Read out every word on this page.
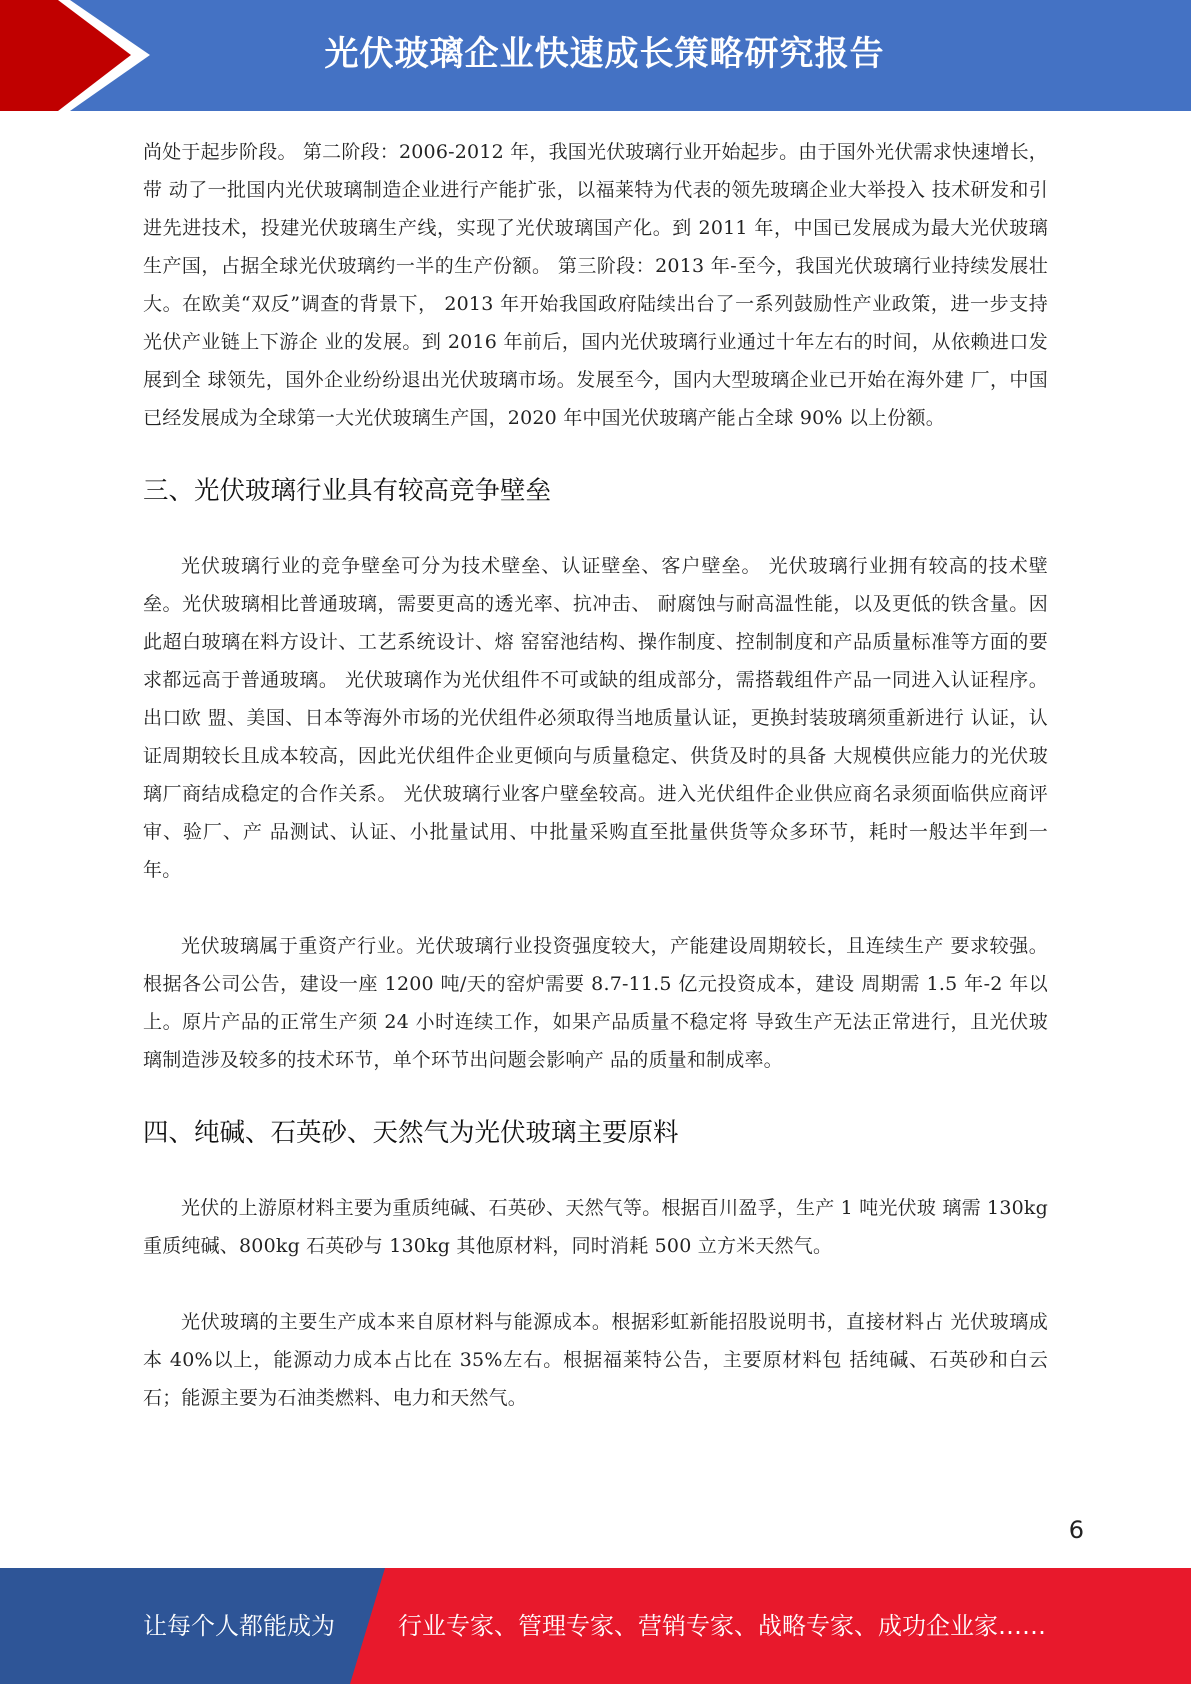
光伏玻璃企业快速成长策略研究报告

尚处于起步阶段。 第二阶段：2006-2012 年，我国光伏玻璃行业开始起步。由于国外光伏需求快速增长，带 动了一批国内光伏玻璃制造企业进行产能扩张，以福莱特为代表的领先玻璃企业大举投入 技术研发和引进先进技术，投建光伏玻璃生产线，实现了光伏玻璃国产化。到 2011 年，中国已发展成为最大光伏玻璃生产国，占据全球光伏玻璃约一半的生产份额。 第三阶段：2013 年-至今，我国光伏玻璃行业持续发展壮大。在欧美“双反”调查的背景下， 2013 年开始我国政府陆续出台了一系列鼓励性产业政策，进一步支持光伏产业链上下游企 业的发展。到 2016 年前后，国内光伏玻璃行业通过十年左右的时间，从依赖进口发展到全 球领先，国外企业纷纷退出光伏玻璃市场。发展至今，国内大型玻璃企业已开始在海外建 厂，中国已经发展成为全球第一大光伏玻璃生产国，2020 年中国光伏玻璃产能占全球 90% 以上份额。

三、光伏玻璃行业具有较高竞争壁垒

光伏玻璃行业的竞争壁垒可分为技术壁垒、认证壁垒、客户壁垒。 光伏玻璃行业拥有较高的技术壁垒。光伏玻璃相比普通玻璃，需要更高的透光率、抗冲击、 耐腐蚀与耐高温性能，以及更低的铁含量。因此超白玻璃在料方设计、工艺系统设计、熔 窑窑池结构、操作制度、控制制度和产品质量标准等方面的要求都远高于普通玻璃。 光伏玻璃作为光伏组件不可或缺的组成部分，需搭载组件产品一同进入认证程序。出口欧 盟、美国、日本等海外市场的光伏组件必须取得当地质量认证，更换封装玻璃须重新进行 认证，认证周期较长且成本较高，因此光伏组件企业更倾向与质量稳定、供货及时的具备 大规模供应能力的光伏玻璃厂商结成稳定的合作关系。 光伏玻璃行业客户壁垒较高。进入光伏组件企业供应商名录须面临供应商评审、验厂、产 品测试、认证、小批量试用、中批量采购直至批量供货等众多环节，耗时一般达半年到一 年。

光伏玻璃属于重资产行业。光伏玻璃行业投资强度较大，产能建设周期较长，且连续生产 要求较强。根据各公司公告，建设一座 1200 吨/天的窑炉需要 8.7-11.5 亿元投资成本，建设 周期需 1.5 年-2 年以上。原片产品的正常生产须 24 小时连续工作，如果产品质量不稳定将 导致生产无法正常进行，且光伏玻璃制造涉及较多的技术环节，单个环节出问题会影响产 品的质量和制成率。

四、纯碱、石英砂、天然气为光伏玻璃主要原料

光伏的上游原材料主要为重质纯碱、石英砂、天然气等。根据百川盈孚，生产 1 吨光伏玻 璃需 130kg 重质纯碱、800kg 石英砂与 130kg 其他原材料，同时消耗 500 立方米天然气。

光伏玻璃的主要生产成本来自原材料与能源成本。根据彩虹新能招股说明书，直接材料占 光伏玻璃成本 40%以上，能源动力成本占比在 35%左右。根据福莱特公告，主要原材料包 括纯碱、石英砂和白云石；能源主要为石油类燃料、电力和天然气。

6
让每个人都能成为	行业专家、管理专家、营销专家、战略专家、成功企业家……
